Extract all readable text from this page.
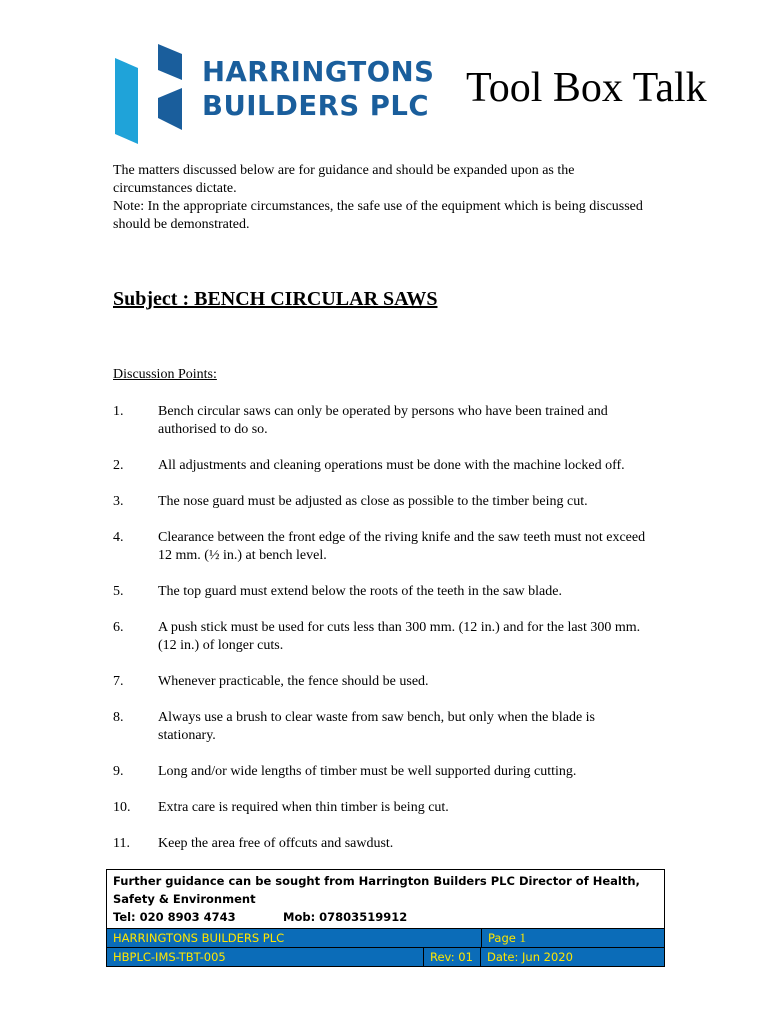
HARRINGTONS
BUILDERS PLC Tool Box Talk

The matters discussed below are for guidance and should be expanded upon as the circumstances dictate.

Note: In the appropriate circumstances, the safe use of the equipment which is being discussed should be demonstrated.

Subject : BENCH CIRCULAR SAWS
Discussion Points:
1. Bench circular saws can only be operated by persons who have been trained and authorised to do so.
2. All adjustments and cleaning operations must be done with the machine locked off.
3. The nose guard must be adjusted as close as possible to the timber being cut.
4. Clearance between the front edge of the riving knife and the saw teeth must not exceed 12 mm. (½ in.) at bench level.
5. The top guard must extend below the roots of the teeth in the saw blade.
6. A push stick must be used for cuts less than 300 mm. (12 in.) and for the last 300 mm. (12 in.) of longer cuts.
7. Whenever practicable, the fence should be used.
8. Always use a brush to clear waste from saw bench, but only when the blade is stationary.
9. Long and/or wide lengths of timber must be well supported during cutting.
10. Extra care is required when thin timber is being cut.
11. Keep the area free of offcuts and sawdust.
Further guidance can be sought from Harrington Builders PLC Director of Health, Safety & Environment
Tel: 020 8903 4743	Mob: 07803519912
HARRINGTONS BUILDERS PLC	Page 1
HBPLC-IMS-TBT-005	Rev: 01	Date: Jun 2020
